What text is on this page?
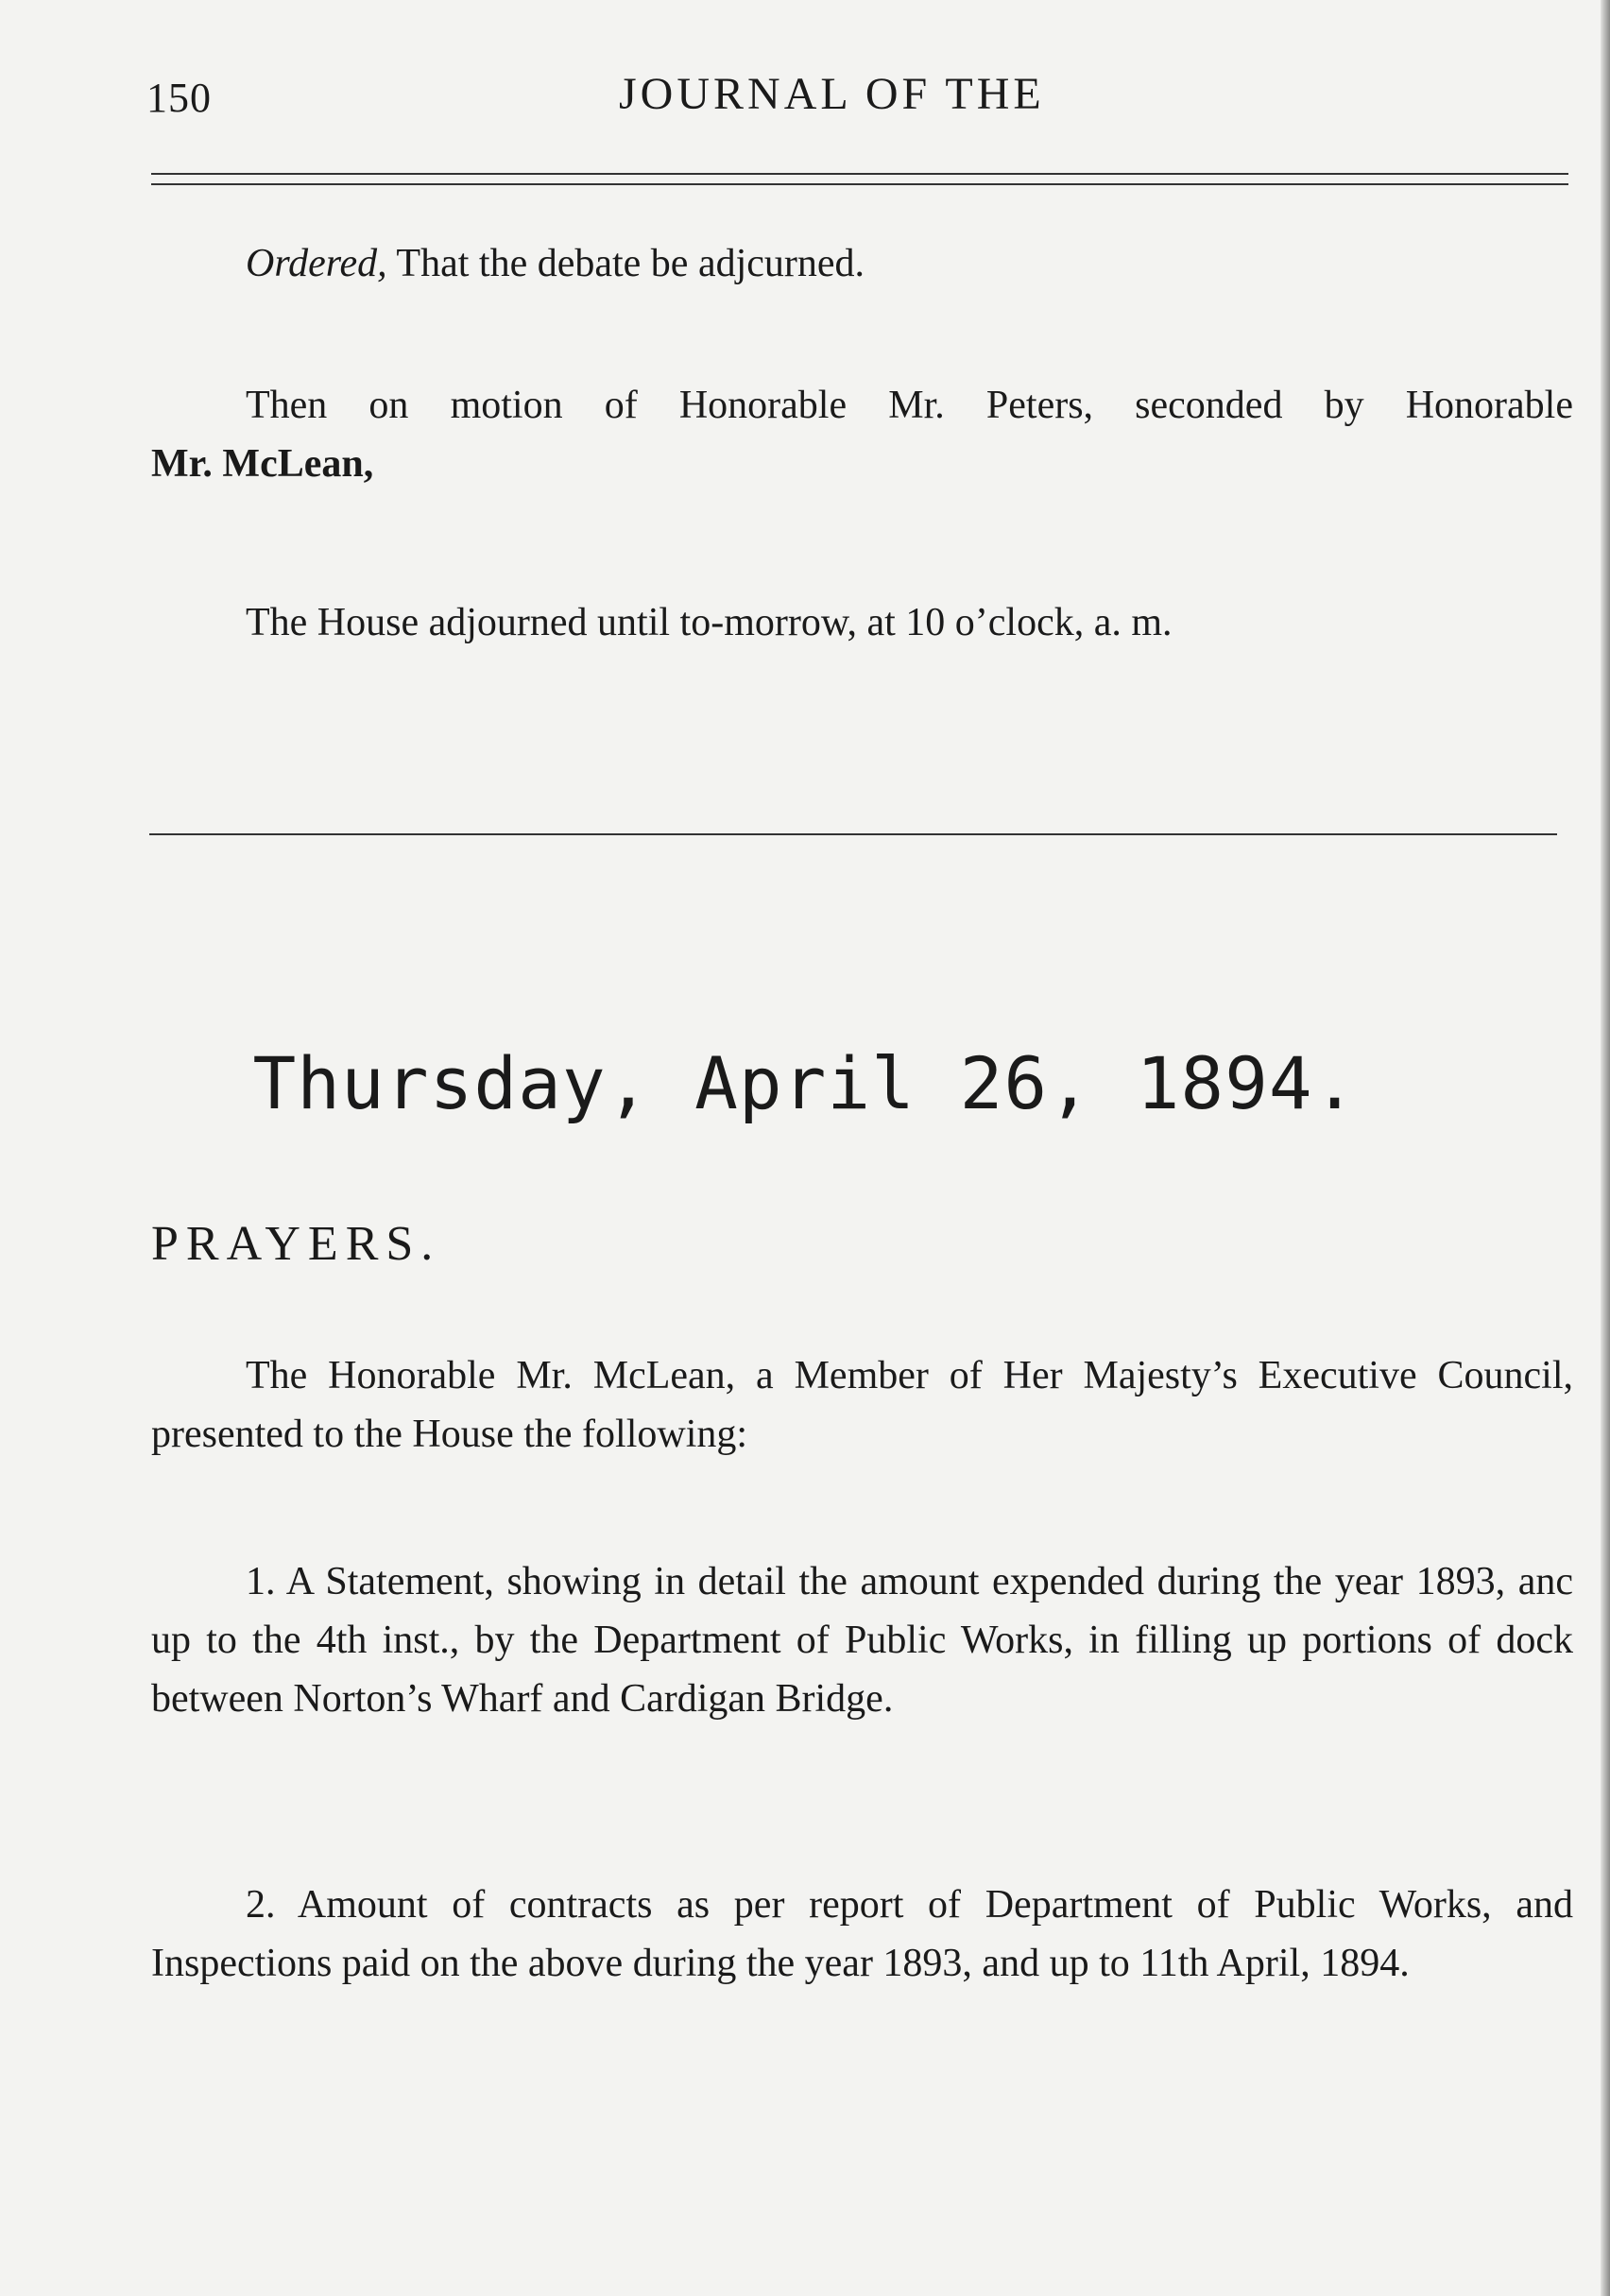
150	JOURNAL OF THE
Ordered, That the debate be adjcurned.
Then on motion of Honorable Mr. Peters, seconded by Honorable
Mr. McLean,
The House adjourned until to-morrow, at 10 o’clock, a. m.
Thursday, April 26, 1894.
PRAYERS.
The Honorable Mr. McLean, a Member of Her Majesty’s Executive Council, presented to the House the following:
1. A Statement, showing in detail the amount expended during the year 1893, anc up to the 4th inst., by the Department of Public Works, in filling up portions of dock between Norton’s Wharf and Cardigan Bridge.
2. Amount of contracts as per report of Department of Public Works, and Inspections paid on the above during the year 1893, and up to 11th April, 1894.
